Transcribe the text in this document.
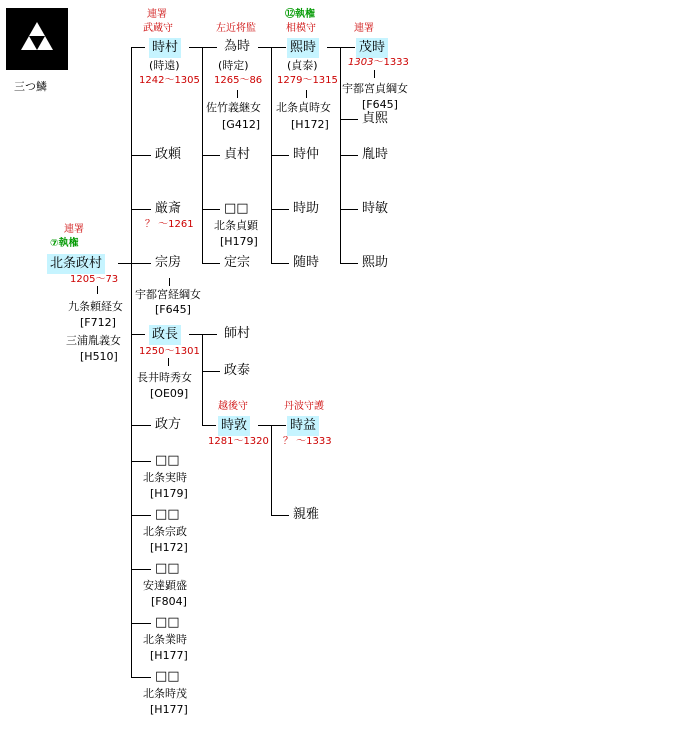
三つ鱗
連署
⑦執権
北条政村
1205〜73
九条頼経女
[F712]
三浦胤義女
[H510]
連署
武蔵守
時村
(時遠)
1242〜1305
政頼
厳斎
？ 〜1261
宗房
宇都宮経綱女
[F645]
政長
1250〜1301
長井時秀女
[OE09]
政方
□□
北条実時
[H179]
□□
北条宗政
[H172]
□□
安達顕盛
[F804]
□□
北条業時
[H177]
□□
北条時茂
[H177]
左近将監
為時
(時定)
1265〜86
佐竹義継女
[G412]
貞村
□□
北条貞顕
[H179]
定宗
⑫執権
相模守
熙時
(貞泰)
1279〜1315
北条貞時女
[H172]
時仲
時助
随時
連署
茂時
1303〜1333
宇都宮貞綱女
[F645]
貞熙
胤時
時敏
熙助
師村
政泰
越後守
時敦
1281〜1320
丹波守護
時益
？ 〜1333
親雅
